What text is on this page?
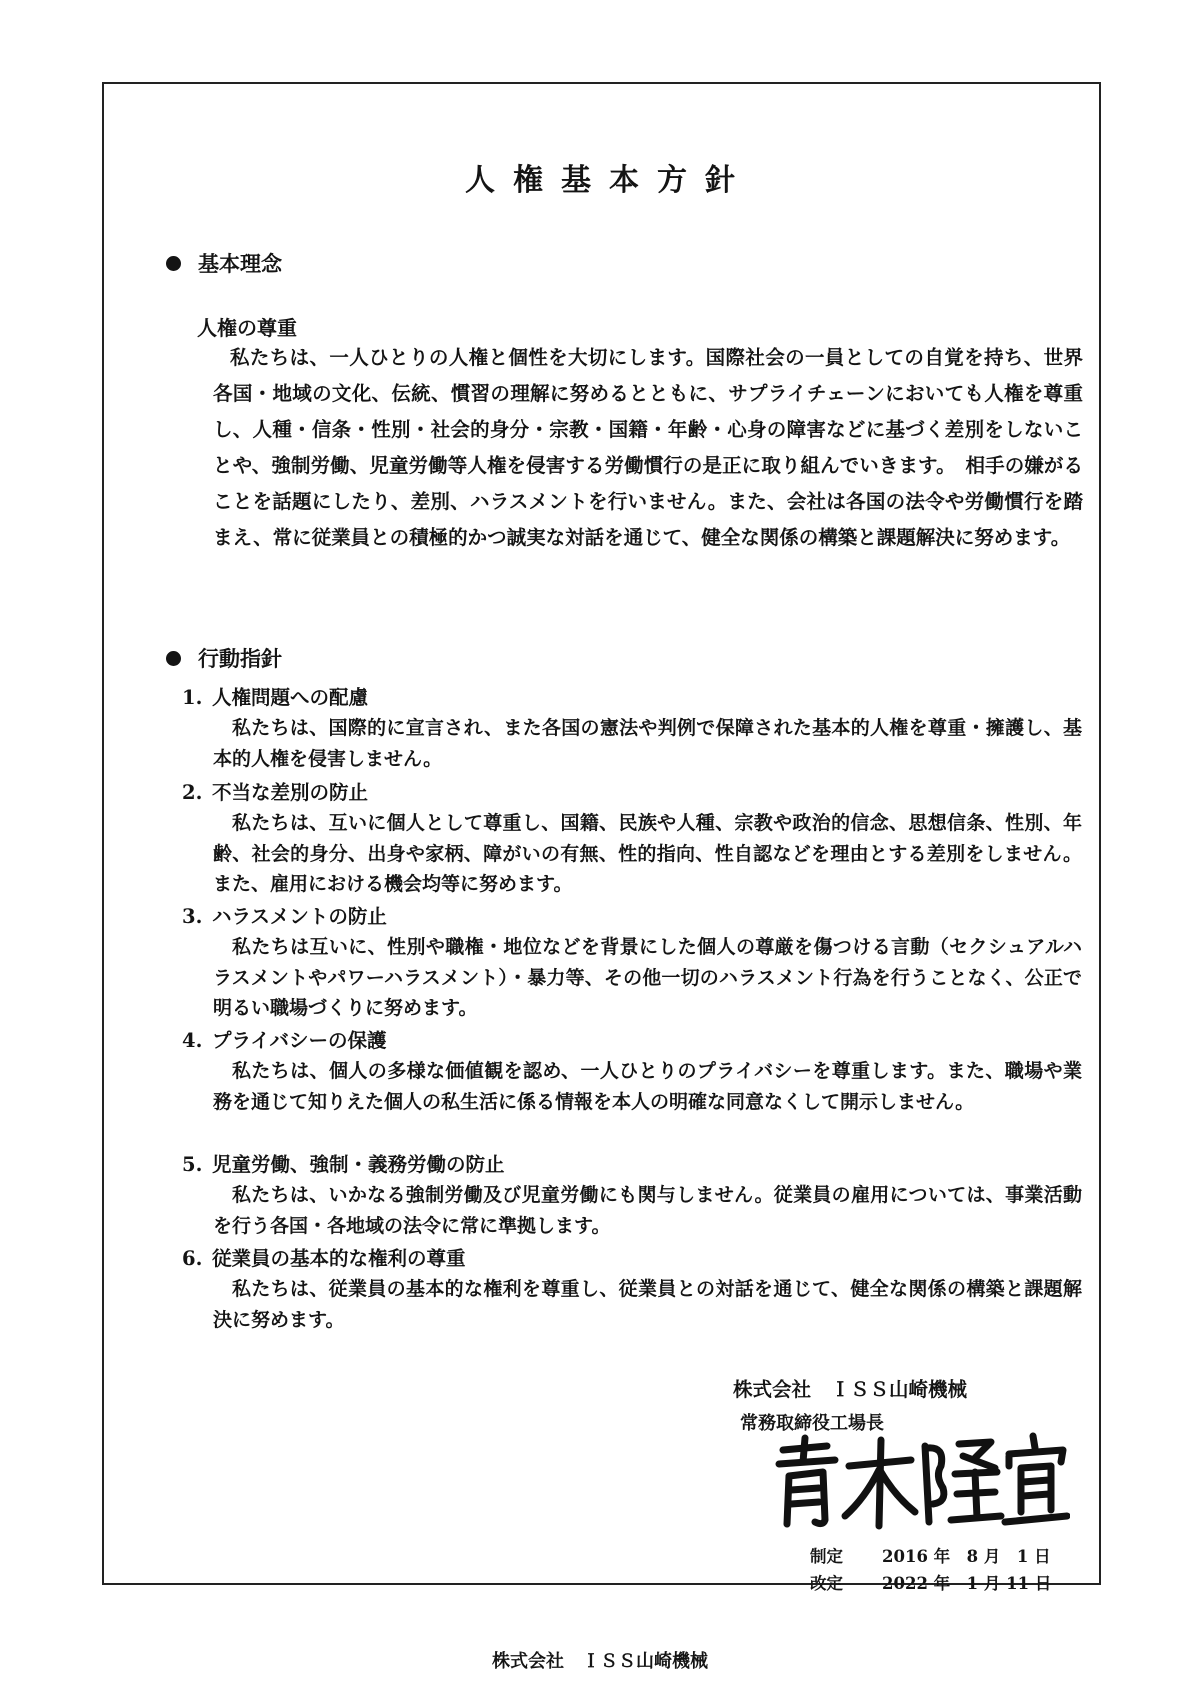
人権基本方針
基本理念
人権の尊重

私たちは、一人ひとりの人権と個性を大切にします。国際社会の一員としての自覚を持ち、世界各国・地域の文化、伝統、慣習の理解に努めるとともに、サプライチェーンにおいても人権を尊重し、人種・信条・性別・社会的身分・宗教・国籍・年齢・心身の障害などに基づく差別をしないことや、強制労働、児童労働等人権を侵害する労働慣行の是正に取り組んでいきます。　相手の嫌がることを話題にしたり、差別、ハラスメントを行いません。また、会社は各国の法令や労働慣行を踏まえ、常に従業員との積極的かつ誠実な対話を通じて、健全な関係の構築と課題解決に努めます。

行動指針
1. 人権問題への配慮

私たちは、国際的に宣言され、また各国の憲法や判例で保障された基本的人権を尊重・擁護し、基本的人権を侵害しません。

2. 不当な差別の防止

私たちは、互いに個人として尊重し、国籍、民族や人種、宗教や政治的信念、思想信条、性別、年齢、社会的身分、出身や家柄、障がいの有無、性的指向、性自認などを理由とする差別をしません。また、雇用における機会均等に努めます。

3. ハラスメントの防止

私たちは互いに、性別や職権・地位などを背景にした個人の尊厳を傷つける言動（セクシュアルハラスメントやパワーハラスメント）・暴力等、その他一切のハラスメント行為を行うことなく、公正で明るい職場づくりに努めます。

4. プライバシーの保護

私たちは、個人の多様な価値観を認め、一人ひとりのプライバシーを尊重します。また、職場や業務を通じて知りえた個人の私生活に係る情報を本人の明確な同意なくして開示しません。

5. 児童労働、強制・義務労働の防止

私たちは、いかなる強制労働及び児童労働にも関与しません。従業員の雇用については、事業活動を行う各国・各地域の法令に常に準拠します。

6. 従業員の基本的な権利の尊重

私たちは、従業員の基本的な権利を尊重し、従業員との対話を通じて、健全な関係の構築と課題解決に努めます。

株式会社　ＩＳＳ山崎機械
常務取締役工場長
制定	2016 年　8 月　1 日
改定	2022 年　1 月 11 日
株式会社　ＩＳＳ山崎機械
